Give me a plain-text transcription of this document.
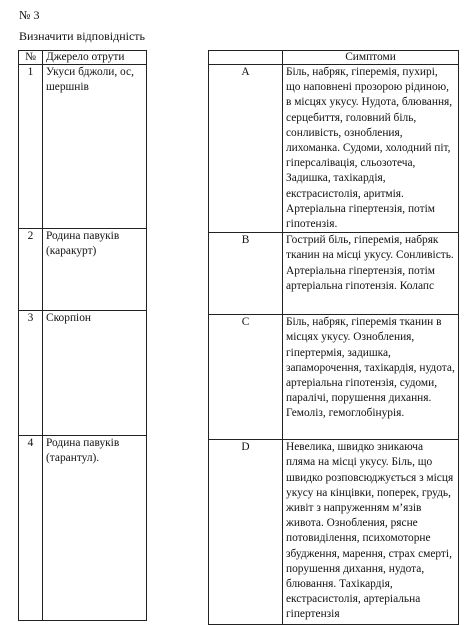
№ 3
Визначити відповідність
№	Джерело отрути
1	Укуси бджоли, ос, шершнів
2	Родина павуків (каракурт)
3	Скорпіон
4	Родина павуків (тарантул).
	Симптоми
A	Біль, набряк, гіперемія, пухирі, що наповнені прозорою рідиною, в місцях укусу. Нудота, блювання, серцебиття, головний біль, сонливість, ознобления, лихоманка. Судоми, холодний піт, гіперсалівація, сльозотеча, Задишка, тахікардія, екстрасистолія, аритмія. Артеріальна гіпертензія, потім гіпотензія.
B	Гострий біль, гіперемія, набряк тканин на місці укусу. Сонливість. Артеріальна гіпертензія, потім артеріальна гіпотензія. Колапс
C	Біль, набряк, гіперемія тканин в місцях укусу. Ознобления, гіпертермія, задишка, запаморочення, тахікардія, нудота, артеріальна гіпотензія, судоми, паралічі, порушення дихання. Гемоліз, гемоглобінурія.
D	Невелика, швидко зникаюча пляма на місці укусу. Біль, що швидко розповсюджується з місця укусу на кінцівки, поперек, грудь, живіт з напруженням м’язів живота. Ознобления, рясне потовиділення, психомоторне збудження, марення, страх смерті, порушення дихання, нудота, блювання. Тахікардія, екстрасистолія, артеріальна гіпертензія
